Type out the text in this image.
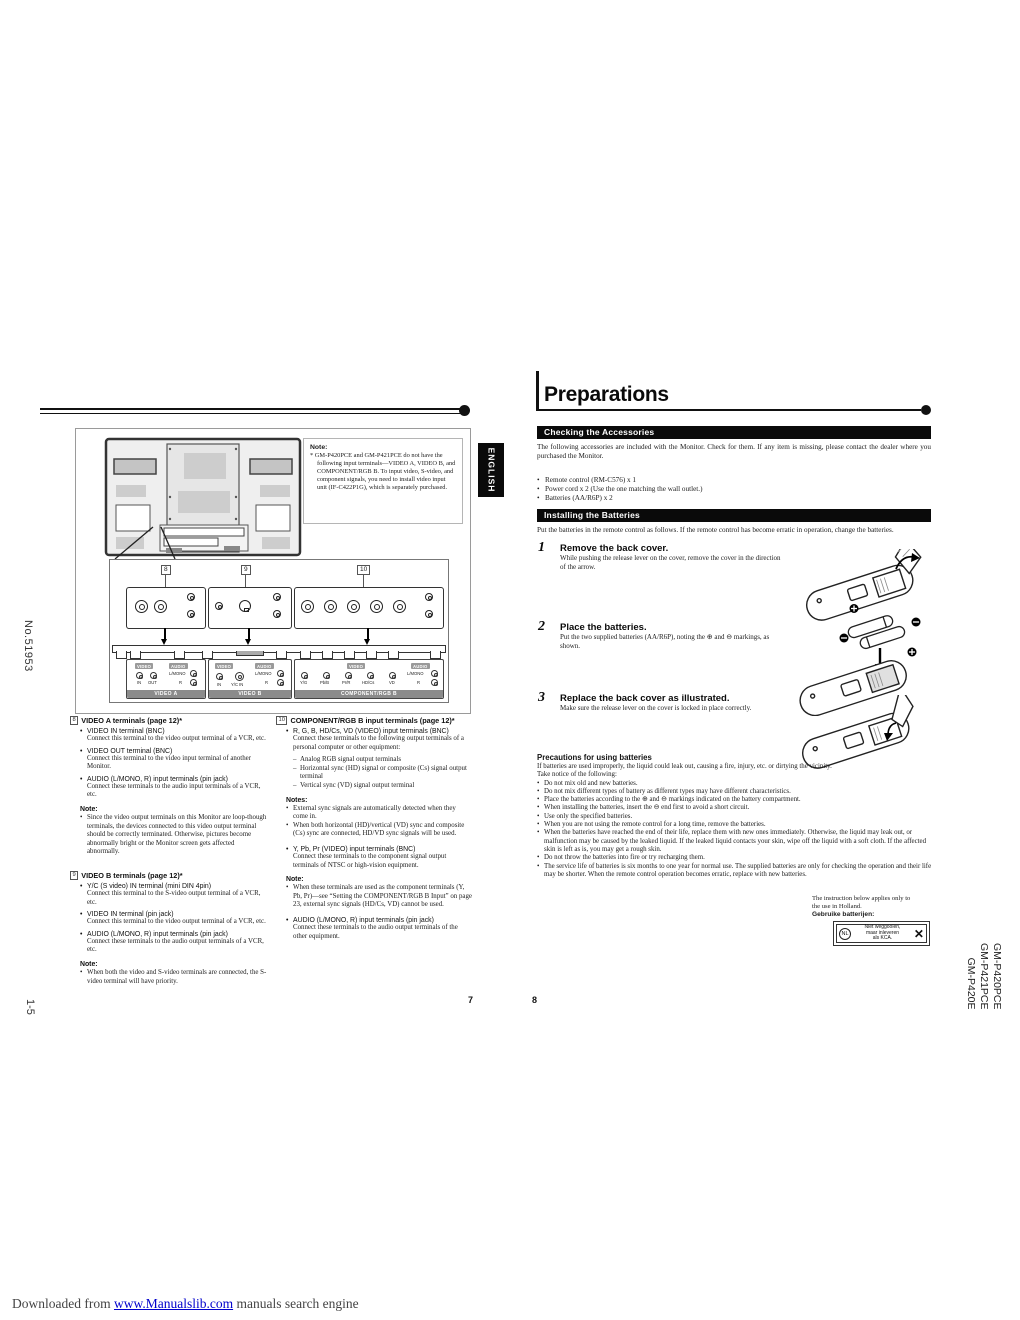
No.51953
1-5	GM-P420PCE
GM-P421PCE
GM-P420E
ENGLISH
Note:
* GM-P420PCE and GM-P421PCE do not have the following input terminals—VIDEO A, VIDEO B, and COMPONENT/RGB B. To input video, S-video, and component signals, you need to install video input unit (IF-C422P1G), which is separately purchased.
8	9	10
VIDEO	AUDIO
IN OUT
L/MONO
R
VIDEO A
VIDEO	AUDIO
IN Y/C IN
L/MONO
R
VIDEO B
VIDEO	AUDIO
Y/G	Pb/B	Pr/R	HD/Cs	VD
L/MONO
R
COMPONENT/RGB B
8 VIDEO A terminals (page 12)*
• VIDEO IN terminal (BNC)
Connect this terminal to the video output terminal of a VCR, etc.
• VIDEO OUT terminal (BNC)
Connect this terminal to the video input terminal of another Monitor.
• AUDIO (L/MONO, R) input terminals (pin jack)
Connect these terminals to the audio input terminals of a VCR, etc.
Note:
• Since the video output terminals on this Monitor are loop-though terminals, the devices connected to this video output terminal should be correctly terminated. Otherwise, pictures become abnormally bright or the Monitor screen gets affected abnormally.
9 VIDEO B terminals (page 12)*
• Y/C (S video) IN terminal (mini DIN 4pin)
Connect this terminal to the S-video output terminal of a VCR, etc.
• VIDEO IN terminal (pin jack)
Connect this terminal to the video output terminal of a VCR, etc.
• AUDIO (L/MONO, R) input terminals (pin jack)
Connect these terminals to the audio output terminals of a VCR, etc.
Note:
• When both the video and S-video terminals are connected, the S-video terminal will have priority.
10 COMPONENT/RGB B input terminals (page 12)*
• R, G, B, HD/Cs, VD (VIDEO) input terminals (BNC)
Connect these terminals to the following output terminals of a personal computer or other equipment:
– Analog RGB signal output terminals
– Horizontal sync (HD) signal or composite (Cs) signal output terminal
– Vertical sync (VD) signal output terminal
Notes:
• External sync signals are automatically detected when they come in.
• When both horizontal (HD)/vertical (VD) sync and composite (Cs) sync are connected, HD/VD sync signals will be used.
• Y, Pb, Pr (VIDEO) input terminals (BNC)
Connect these terminals to the component signal output terminals of NTSC or high-vision equipment.
Note:
• When these terminals are used as the component terminals (Y, Pb, Pr)—see “Setting the COMPONENT/RGB B Input” on page 23, external sync signals (HD/Cs, VD) cannot be used.
• AUDIO (L/MONO, R) input terminals (pin jack)
Connect these terminals to the audio output terminals of the other equipment.
7
Preparations
Checking the Accessories
The following accessories are included with the Monitor. Check for them. If any item is missing, please contact the dealer where you purchased the Monitor.
• Remote control (RM-C576) x 1
• Power cord x 2 (Use the one matching the wall outlet.)
• Batteries (AA/R6P) x 2
Installing the Batteries
Put the batteries in the remote control as follows. If the remote control has become erratic in operation, change the batteries.
1 Remove the back cover.
While pushing the release lever on the cover, remove the cover in the direction of the arrow.
2 Place the batteries.
Put the two supplied batteries (AA/R6P), noting the ⊕ and ⊖ markings, as shown.
3 Replace the back cover as illustrated.
Make sure the release lever on the cover is locked in place correctly.
Precautions for using batteries
If batteries are used improperly, the liquid could leak out, causing a fire, injury, etc. or dirtying the vicinity.
Take notice of the following:
• Do not mix old and new batteries.
• Do not mix different types of battery as different types may have different characteristics.
• Place the batteries according to the ⊕ and ⊖ markings indicated on the battery compartment.
• When installing the batteries, insert the ⊖ end first to avoid a short circuit.
• Use only the specified batteries.
• When you are not using the remote control for a long time, remove the batteries.
• When the batteries have reached the end of their life, replace them with new ones immediately. Otherwise, the liquid may leak out, or malfunction may be caused by the leaked liquid. If the leaked liquid contacts your skin, wipe off the liquid with a soft cloth. If the affected skin is left as is, you may get a rough skin.
• Do not throw the batteries into fire or try recharging them.
• The service life of batteries is six months to one year for normal use. The supplied batteries are only for checking the operation and their life may be shorter. When the remote control operation becomes erratic, replace with new batteries.
The instruction below applies only to
the use in Holland.
Gebruike batterijen:
NL
Niet weggooien,
maar inleveren
als KCA.	✕
8
Downloaded from www.Manualslib.com manuals search engine
